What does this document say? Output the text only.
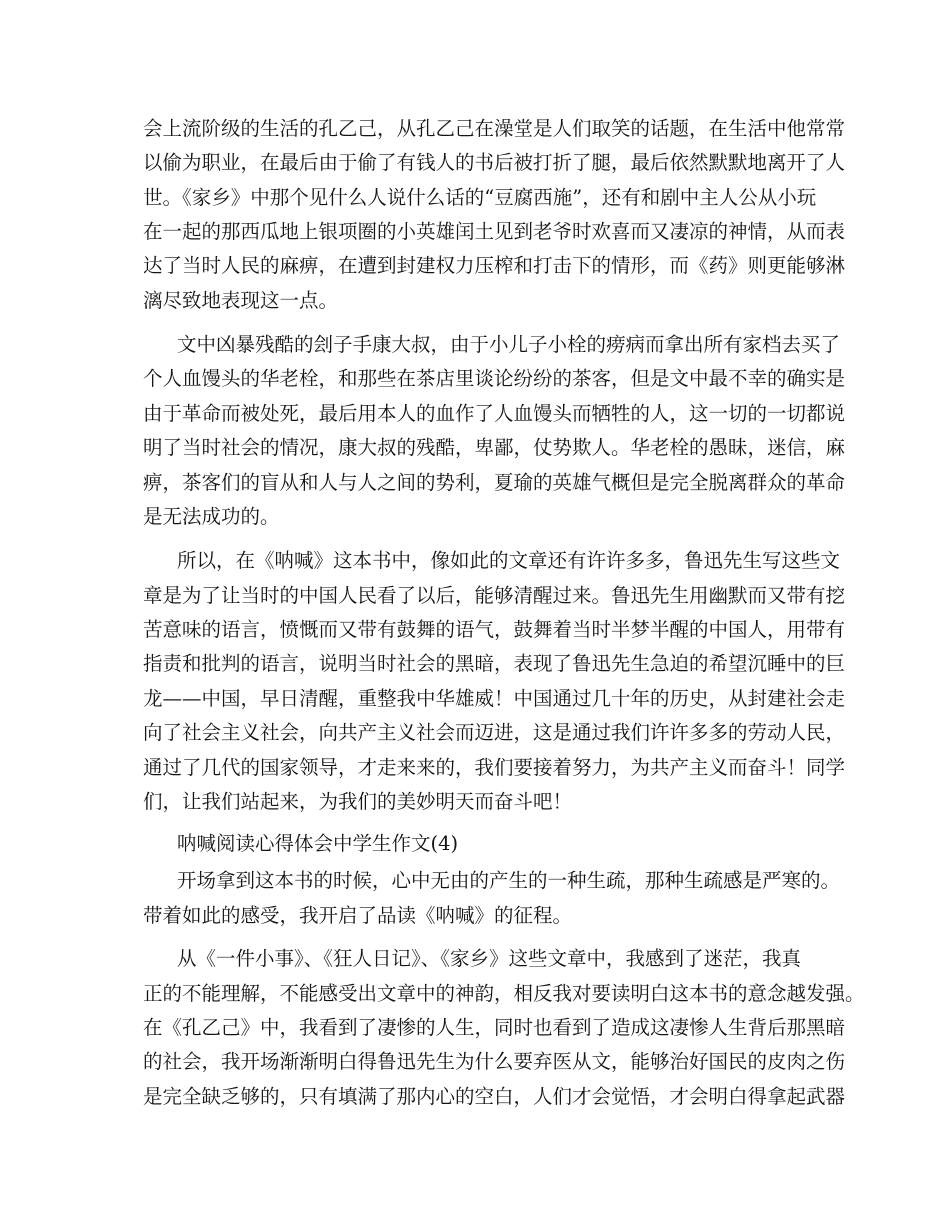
会上流阶级的生活的孔乙己，从孔乙己在澡堂是人们取笑的话题，在生活中他常常
以偷为职业，在最后由于偷了有钱人的书后被打折了腿，最后依然默默地离开了人
世。《家乡》中那个见什么人说什么话的“豆腐西施”，还有和剧中主人公从小玩
在一起的那西瓜地上银项圈的小英雄闰土见到老爷时欢喜而又凄凉的神情，从而表
达了当时人民的麻痹，在遭到封建权力压榨和打击下的情形，而《药》则更能够淋
漓尽致地表现这一点。
文中凶暴残酷的刽子手康大叔，由于小儿子小栓的痨病而拿出所有家档去买了
个人血馒头的华老栓，和那些在茶店里谈论纷纷的茶客，但是文中最不幸的确实是
由于革命而被处死，最后用本人的血作了人血馒头而牺牲的人，这一切的一切都说
明了当时社会的情况，康大叔的残酷，卑鄙，仗势欺人。华老栓的愚昧，迷信，麻
痹，茶客们的盲从和人与人之间的势利，夏瑜的英雄气概但是完全脱离群众的革命
是无法成功的。
所以，在《呐喊》这本书中，像如此的文章还有许许多多，鲁迅先生写这些文
章是为了让当时的中国人民看了以后，能够清醒过来。鲁迅先生用幽默而又带有挖
苦意味的语言，愤慨而又带有鼓舞的语气，鼓舞着当时半梦半醒的中国人，用带有
指责和批判的语言，说明当时社会的黑暗，表现了鲁迅先生急迫的希望沉睡中的巨
龙——中国，早日清醒，重整我中华雄威！中国通过几十年的历史，从封建社会走
向了社会主义社会，向共产主义社会而迈进，这是通过我们许许多多的劳动人民，
通过了几代的国家领导，才走来来的，我们要接着努力，为共产主义而奋斗！同学
们，让我们站起来，为我们的美妙明天而奋斗吧！
呐喊阅读心得体会中学生作文(4)
开场拿到这本书的时候，心中无由的产生的一种生疏，那种生疏感是严寒的。
带着如此的感受，我开启了品读《呐喊》的征程。
从《一件小事》、《狂人日记》、《家乡》这些文章中，我感到了迷茫，我真
正的不能理解，不能感受出文章中的神韵，相反我对要读明白这本书的意念越发强。
在《孔乙己》中，我看到了凄惨的人生，同时也看到了造成这凄惨人生背后那黑暗
的社会，我开场渐渐明白得鲁迅先生为什么要弃医从文，能够治好国民的皮肉之伤
是完全缺乏够的，只有填满了那内心的空白，人们才会觉悟，才会明白得拿起武器
